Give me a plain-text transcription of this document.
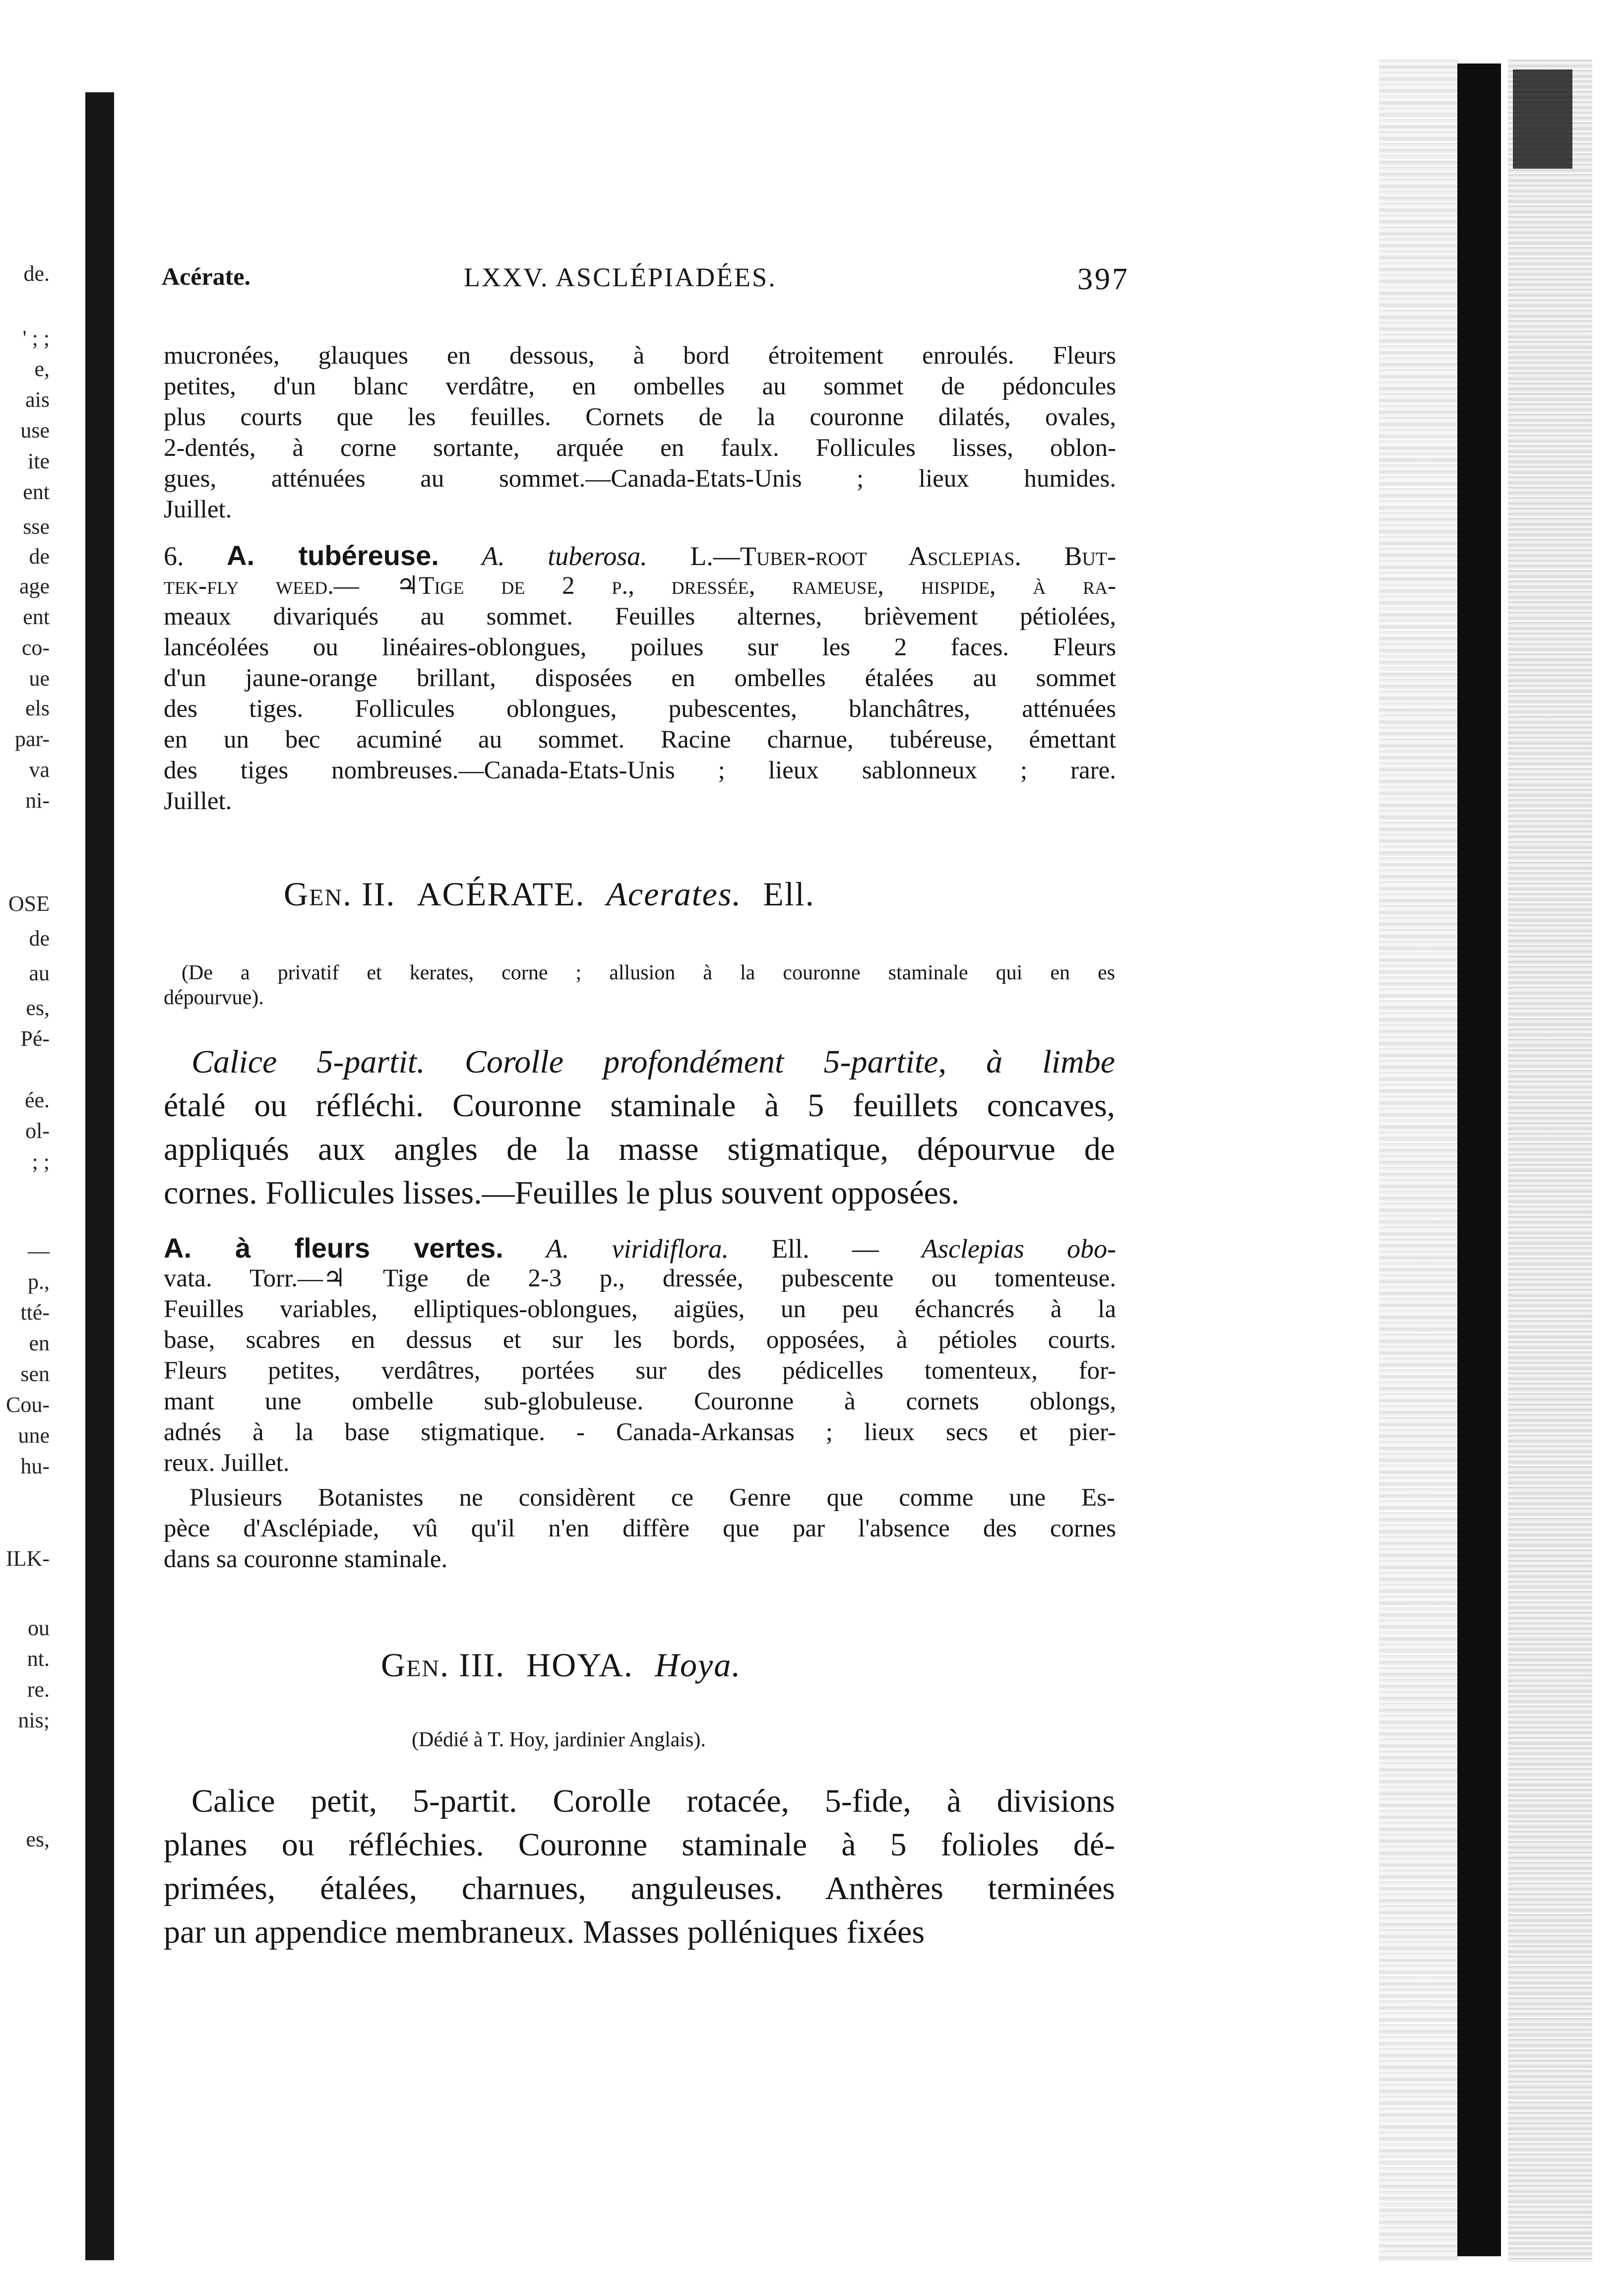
de.
' ; ;
e,
ais
use
ite
ent
sse
de
age
ent
co-
ue
els
par-
va
ni-
OSE
de
au
es,
Pé-
ée.
ol-
; ;
—
p.,
tté-
en
sen
Cou-
une
hu-
ILK-
ou
nt.
re.
nis;
es,
Acérate.	LXXV. ASCLÉPIADÉES.	397
mucronées, glauques en dessous, à bord étroitement enroulés. Fleurs
petites, d'un blanc verdâtre, en ombelles au sommet de pédoncules
plus courts que les feuilles. Cornets de la couronne dilatés, ovales,
2-dentés, à corne sortante, arquée en faulx. Follicules lisses, oblon-
gues, atténuées au sommet.—Canada-Etats-Unis ; lieux humides.
Juillet.
6. A. tubéreuse. A. tuberosa. L.—Tuber-root Asclepias. But-
tek-fly weed.— ♃Tige de 2 p., dressée, rameuse, hispide, à ra-
meaux divariqués au sommet. Feuilles alternes, brièvement pétiolées,
lancéolées ou linéaires-oblongues, poilues sur les 2 faces. Fleurs
d'un jaune-orange brillant, disposées en ombelles étalées au sommet
des tiges. Follicules oblongues, pubescentes, blanchâtres, atténuées
en un bec acuminé au sommet. Racine charnue, tubéreuse, émettant
des tiges nombreuses.—Canada-Etats-Unis ; lieux sablonneux ; rare.
Juillet.
Gen. II. ACÉRATE. Acerates. Ell.
(De a privatif et kerates, corne ; allusion à la couronne staminale qui en es
dépourvue).
Calice 5-partit. Corolle profondément 5-partite, à limbe
étalé ou réfléchi. Couronne staminale à 5 feuillets concaves,
appliqués aux angles de la masse stigmatique, dépourvue de
cornes. Follicules lisses.—Feuilles le plus souvent opposées.
A. à fleurs vertes. A. viridiflora. Ell. — Asclepias obo-
vata. Torr.—♃ Tige de 2-3 p., dressée, pubescente ou tomenteuse.
Feuilles variables, elliptiques-oblongues, aigües, un peu échancrés à la
base, scabres en dessus et sur les bords, opposées, à pétioles courts.
Fleurs petites, verdâtres, portées sur des pédicelles tomenteux, for-
mant une ombelle sub-globuleuse. Couronne à cornets oblongs,
adnés à la base stigmatique. - Canada-Arkansas ; lieux secs et pier-
reux. Juillet.
Plusieurs Botanistes ne considèrent ce Genre que comme une Es-
pèce d'Asclépiade, vû qu'il n'en diffère que par l'absence des cornes
dans sa couronne staminale.
Gen. III. HOYA. Hoya.
(Dédié à T. Hoy, jardinier Anglais).
Calice petit, 5-partit. Corolle rotacée, 5-fide, à divisions
planes ou réfléchies. Couronne staminale à 5 folioles dé-
primées, étalées, charnues, anguleuses. Anthères terminées
par un appendice membraneux. Masses polléniques fixées
